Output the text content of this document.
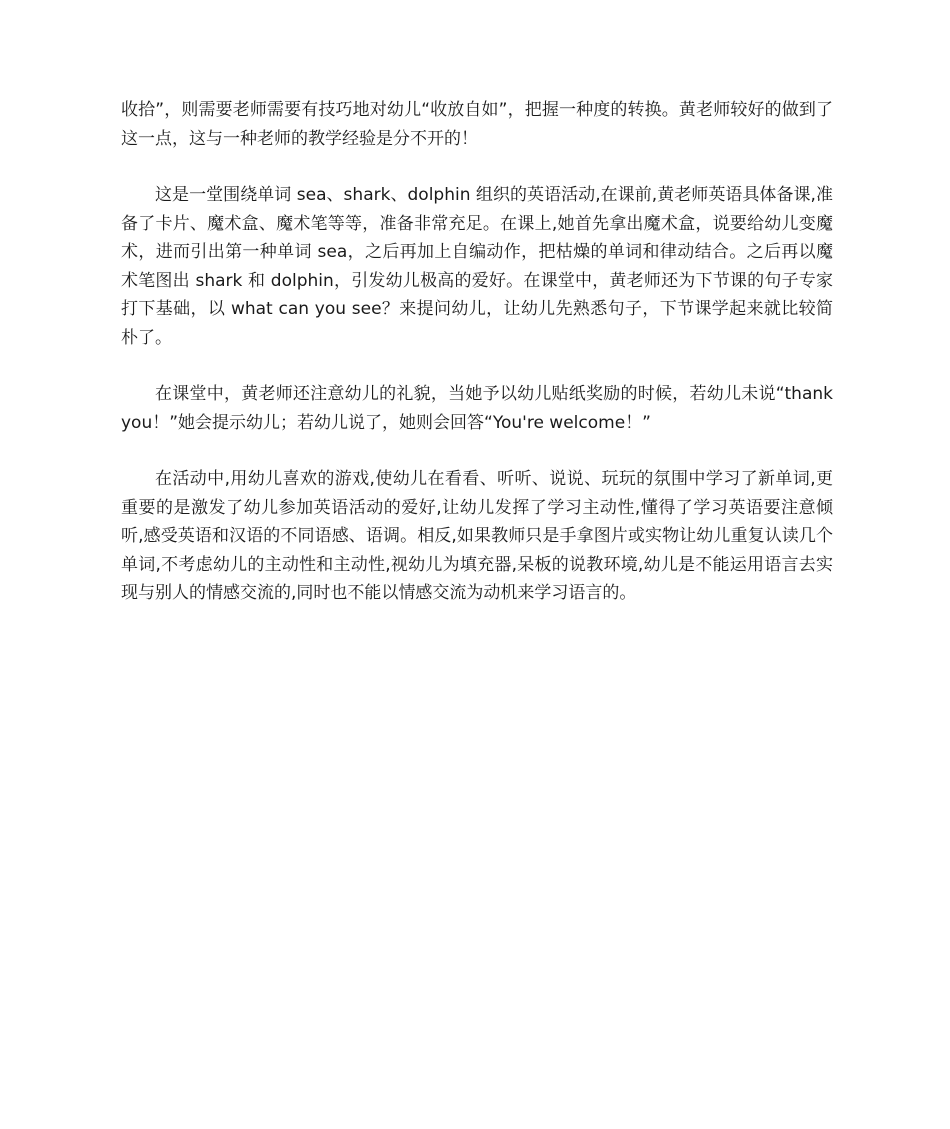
收拾”，则需要老师需要有技巧地对幼儿“收放自如”，把握一种度的转换。黄老师较好的做到了这一点，这与一种老师的教学经验是分不开的！

这是一堂围绕单词 sea、shark、dolphin 组织的英语活动,在课前,黄老师英语具体备课,准备了卡片、魔术盒、魔术笔等等，准备非常充足。在课上,她首先拿出魔术盒，说要给幼儿变魔术，进而引出第一种单词 sea，之后再加上自编动作，把枯燥的单词和律动结合。之后再以魔术笔图出 shark 和 dolphin，引发幼儿极高的爱好。在课堂中，黄老师还为下节课的句子专家打下基础，以 what can you see？来提问幼儿，让幼儿先熟悉句子，下节课学起来就比较简朴了。

在课堂中，黄老师还注意幼儿的礼貌，当她予以幼儿贴纸奖励的时候，若幼儿未说“thank you！”她会提示幼儿；若幼儿说了，她则会回答“You're welcome！”

在活动中,用幼儿喜欢的游戏,使幼儿在看看、听听、说说、玩玩的氛围中学习了新单词,更重要的是激发了幼儿参加英语活动的爱好,让幼儿发挥了学习主动性,懂得了学习英语要注意倾听,感受英语和汉语的不同语感、语调。相反,如果教师只是手拿图片或实物让幼儿重复认读几个单词,不考虑幼儿的主动性和主动性,视幼儿为填充器,呆板的说教环境,幼儿是不能运用语言去实现与别人的情感交流的,同时也不能以情感交流为动机来学习语言的。
